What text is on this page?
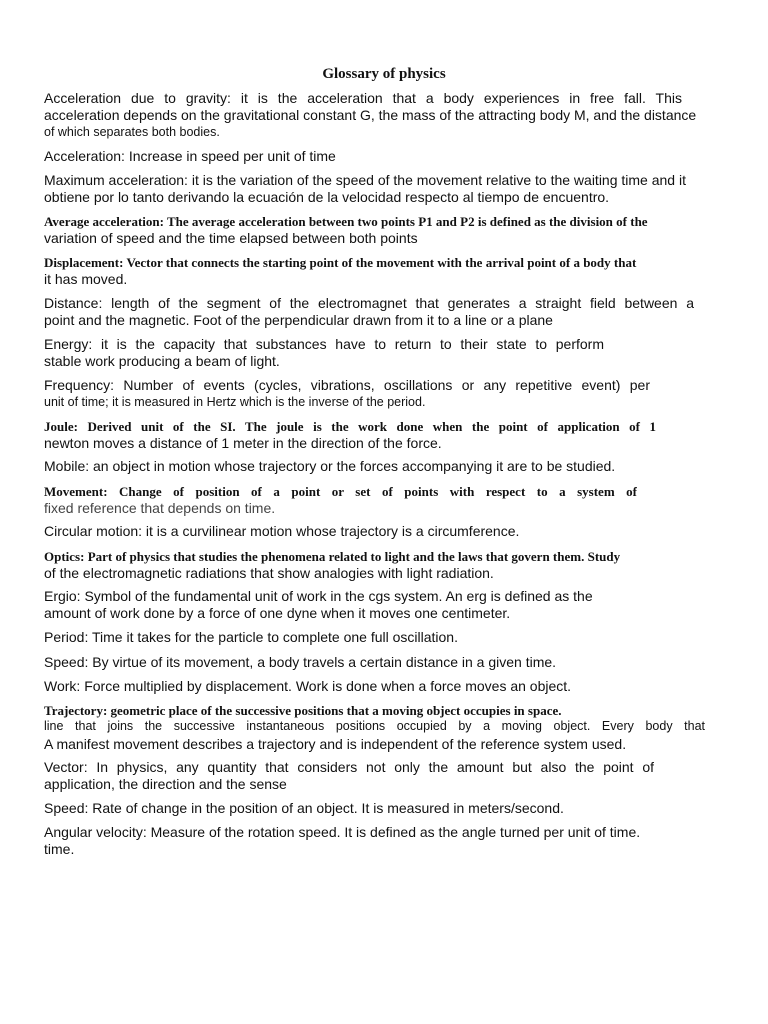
Glossary of physics
Acceleration due to gravity: it is the acceleration that a body experiences in free fall. This
acceleration depends on the gravitational constant G, the mass of the attracting body M, and the distance
of which separates both bodies.
Acceleration: Increase in speed per unit of time
Maximum acceleration: it is the variation of the speed of the movement relative to the waiting time and it
obtiene por lo tanto derivando la ecuación de la velocidad respecto al tiempo de encuentro.
Average acceleration: The average acceleration between two points P1 and P2 is defined as the division of the
variation of speed and the time elapsed between both points
Displacement: Vector that connects the starting point of the movement with the arrival point of a body that
it has moved.
Distance: length of the segment of the electromagnet that generates a straight field between a
point and the magnetic. Foot of the perpendicular drawn from it to a line or a plane
Energy: it is the capacity that substances have to return to their state to perform
stable work producing a beam of light.
Frequency: Number of events (cycles, vibrations, oscillations or any repetitive event) per
unit of time; it is measured in Hertz which is the inverse of the period.
Joule: Derived unit of the SI. The joule is the work done when the point of application of 1
newton moves a distance of 1 meter in the direction of the force.
Mobile: an object in motion whose trajectory or the forces accompanying it are to be studied.
Movement: Change of position of a point or set of points with respect to a system of
fixed reference that depends on time.
Circular motion: it is a curvilinear motion whose trajectory is a circumference.
Optics: Part of physics that studies the phenomena related to light and the laws that govern them. Study
of the electromagnetic radiations that show analogies with light radiation.
Ergio: Symbol of the fundamental unit of work in the cgs system. An erg is defined as the
amount of work done by a force of one dyne when it moves one centimeter.
Period: Time it takes for the particle to complete one full oscillation.
Speed: By virtue of its movement, a body travels a certain distance in a given time.
Work: Force multiplied by displacement. Work is done when a force moves an object.
Trajectory: geometric place of the successive positions that a moving object occupies in space.
line that joins the successive instantaneous positions occupied by a moving object. Every body that
A manifest movement describes a trajectory and is independent of the reference system used.
Vector: In physics, any quantity that considers not only the amount but also the point of
application, the direction and the sense
Speed: Rate of change in the position of an object. It is measured in meters/second.
Angular velocity: Measure of the rotation speed. It is defined as the angle turned per unit of time.
time.
